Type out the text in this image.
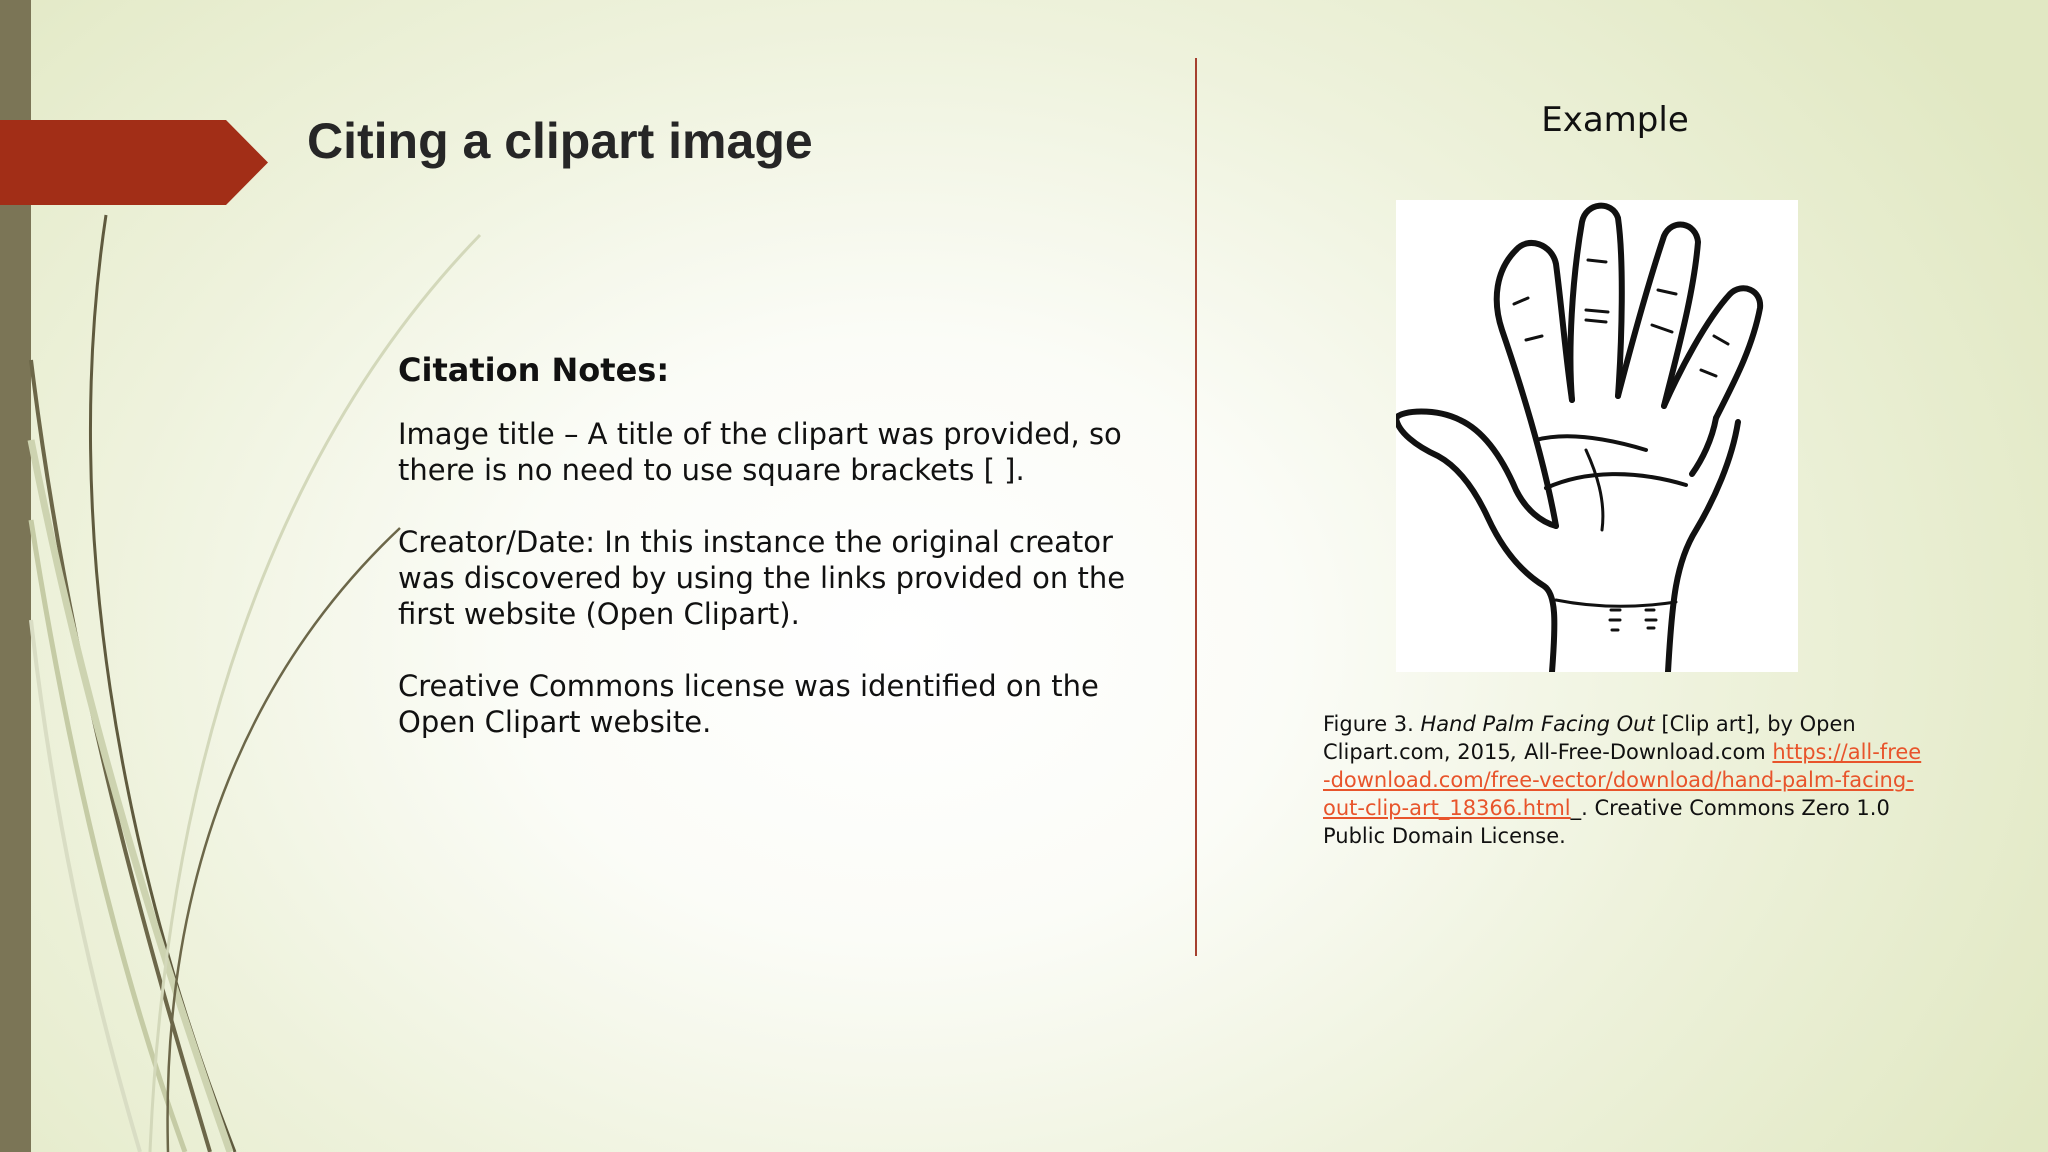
Citing a clipart image
Citation Notes:

Image title – A title of the clipart was provided, so there is no need to use square brackets [ ].

Creator/Date: In this instance the original creator was discovered by using the links provided on the first website (Open Clipart).

Creative Commons license was identified on the Open Clipart website.

Example
Figure 3. Hand Palm Facing Out [Clip art], by Open Clipart.com, 2015, All-Free-Download.com https://all-free-download.com/free-vector/download/hand-palm-facing-out-clip-art_18366.html_. Creative Commons Zero 1.0 Public Domain License.
